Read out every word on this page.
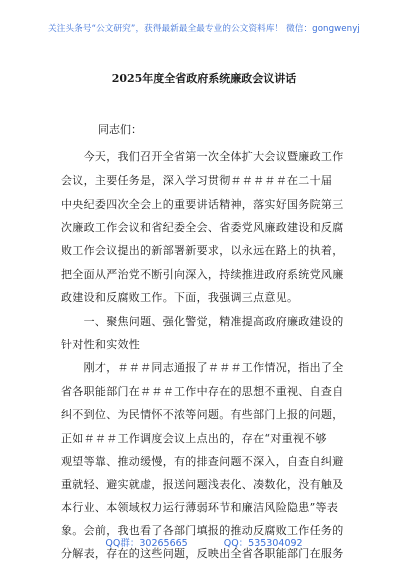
关注头条号“公文研究”，获得最新最全最专业的公文资料库！ 微信：gongwenyj
2025年度全省政府系统廉政会议讲话
同志们：
　　今天，我们召开全省第一次全体扩大会议暨廉政工作
会议，主要任务是，深入学习贯彻＃＃＃＃＃在二十届
中央纪委四次全会上的重要讲话精神，落实好国务院第三
次廉政工作会议和省纪委全会、省委党风廉政建设和反腐
败工作会议提出的新部署新要求，以永远在路上的执着，
把全面从严治党不断引向深入，持续推进政府系统党风廉
政建设和反腐败工作。下面，我强调三点意见。
　　一、聚焦问题、强化警觉，精准提高政府廉政建设的
针对性和实效性
　　刚才，＃＃＃同志通报了＃＃＃工作情况，指出了全
省各职能部门在＃＃＃工作中存在的思想不重视、自查自
纠不到位、为民情怀不浓等问题。有些部门上报的问题，
正如＃＃＃工作调度会议上点出的，存在“对重视不够
观望等靠、推动缓慢，有的排查问题不深入，自查自纠避
重就轻、避实就虚，报送问题浅表化、凑数化，没有触及
本行业、本领域权力运行薄弱环节和廉洁风险隐患”等表
象。会前，我也看了各部门填报的推动反腐败工作任务的
分解表，存在的这些问题，反映出全省各职能部门在服务
QQ群：30265665	QQ：535304092
